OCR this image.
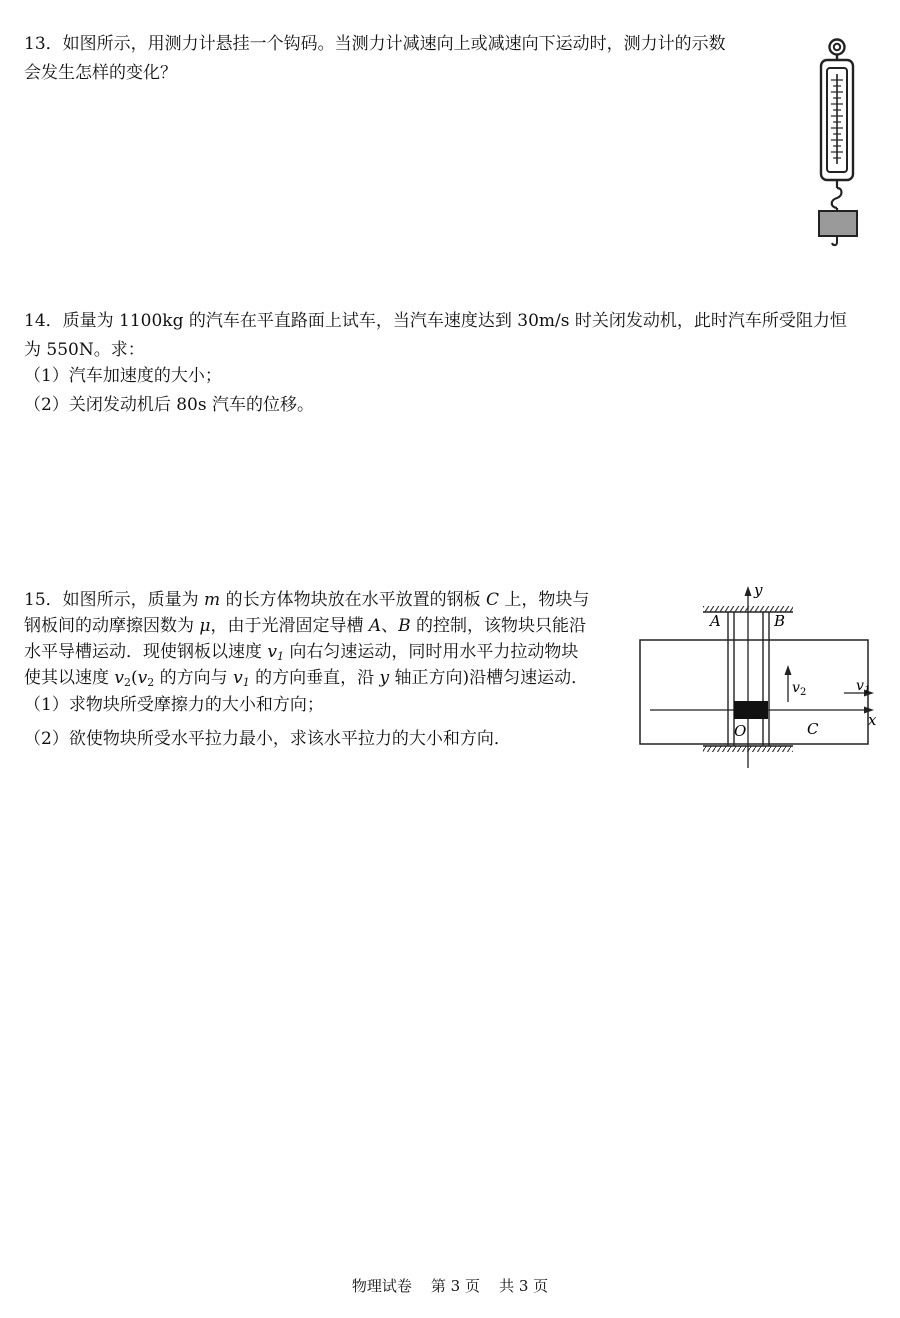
13．如图所示，用测力计悬挂一个钩码。当测力计减速向上或减速向下运动时，测力计的示数
会发生怎样的变化？
14．质量为 1100kg 的汽车在平直路面上试车，当汽车速度达到 30m/s 时关闭发动机，此时汽车所受阻力恒
为 550N。求：
（1）汽车加速度的大小；
（2）关闭发动机后 80s 汽车的位移。
15．如图所示，质量为 m 的长方体物块放在水平放置的钢板 C 上，物块与
钢板间的动摩擦因数为 μ，由于光滑固定导槽 A、B 的控制，该物块只能沿
水平导槽运动．现使钢板以速度 $v_1$ 向右匀速运动，同时用水平力拉动物块
使其以速度 $v_2(v_2$ 的方向与 $v_1$ 的方向垂直，沿 y 轴正方向)沿槽匀速运动．
（1）求物块所受摩擦力的大小和方向；
（2）欲使物块所受水平拉力最小，求该水平拉力的大小和方向．
y
A	B
v 2	v 1
x
O	C
物理试卷    第 3 页    共 3 页
